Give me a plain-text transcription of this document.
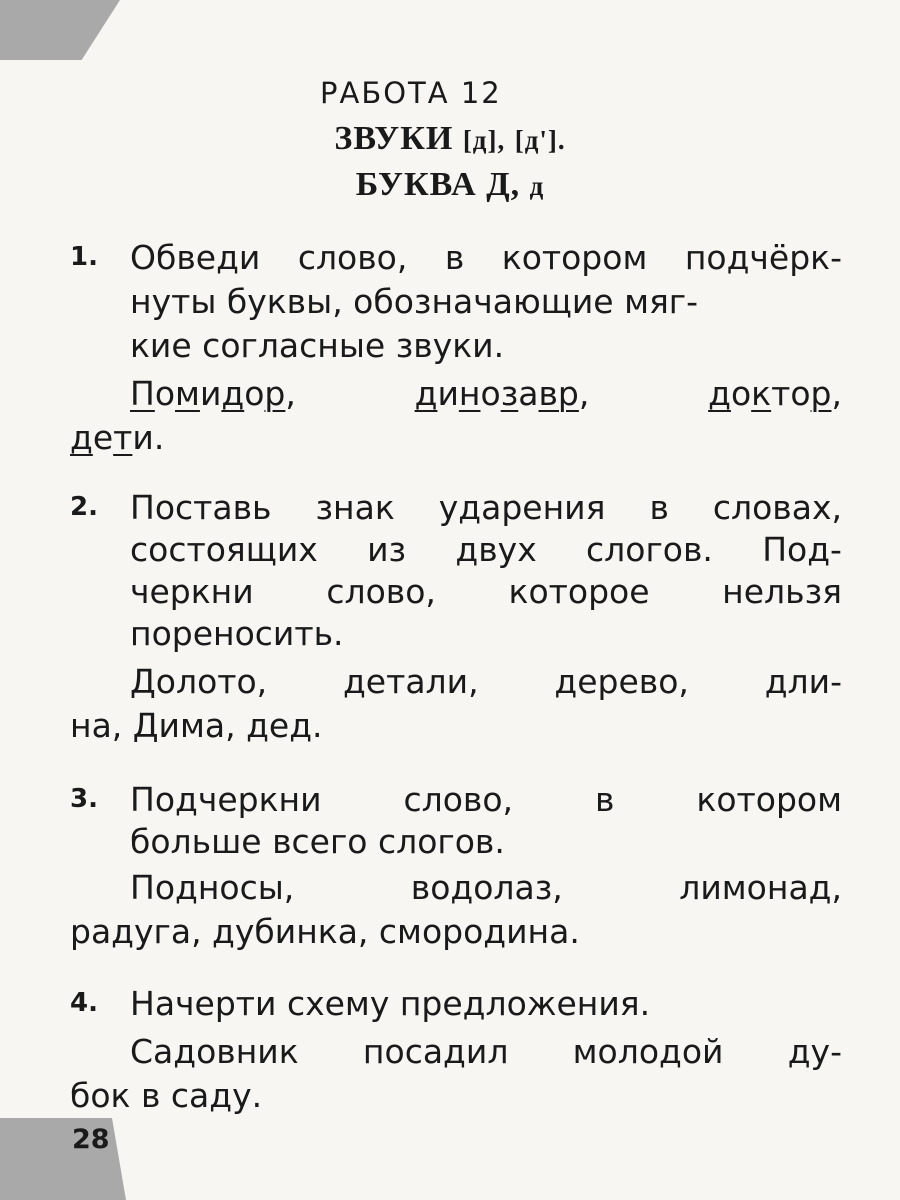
28
РАБОТА 12
ЗВУКИ [д], [д'].
БУКВА Д, д
1. Обведи слово, в котором подчёрк-
нуты буквы, обозначающие мяг-
кие согласные звуки.
Помидор,	динозавр,	доктор,
дети.
2. Поставь знак ударения в словах,
состоящих из двух слогов. Под-
черкни слово, которое нельзя
пореносить.
Долото, детали, дерево, дли-
на, Дима, дед.
3. Подчеркни слово, в котором
больше всего слогов.
Подносы,	водолаз,	лимонад,
радуга, дубинка, смородина.
4. Начерти схему предложения.
Садовник посадил молодой ду-
бок в саду.
